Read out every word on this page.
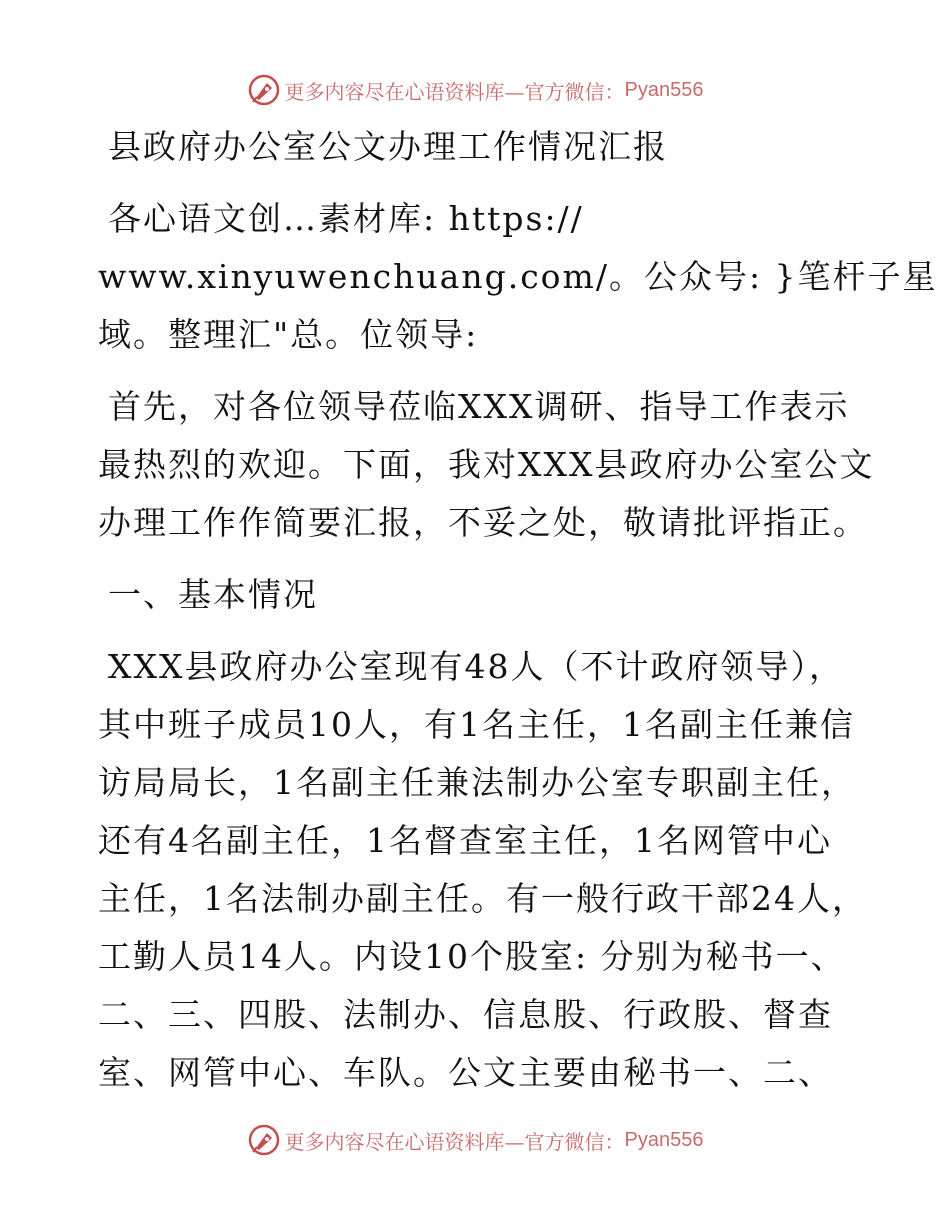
更多内容尽在心语资料库—官方微信： Pyan556
县政府办公室公文办理工作情况汇报
各心语文创…素材库: https://
www.xinyuwenchuang.com/。公众号: }笔杆子星
域。整理汇"总。位领导:
首先，对各位领导莅临XXX调研、指导工作表示
最热烈的欢迎。下面，我对XXX县政府办公室公文
办理工作作简要汇报，不妥之处，敬请批评指正。
一、基本情况
XXX县政府办公室现有48人（不计政府领导），
其中班子成员10人，有1名主任，1名副主任兼信
访局局长，1名副主任兼法制办公室专职副主任，
还有4名副主任，1名督查室主任，1名网管中心
主任，1名法制办副主任。有一般行政干部24人，
工勤人员14人。内设10个股室: 分别为秘书一、
二、三、四股、法制办、信息股、行政股、督查
室、网管中心、车队。公文主要由秘书一、二、
更多内容尽在心语资料库—官方微信： Pyan556
